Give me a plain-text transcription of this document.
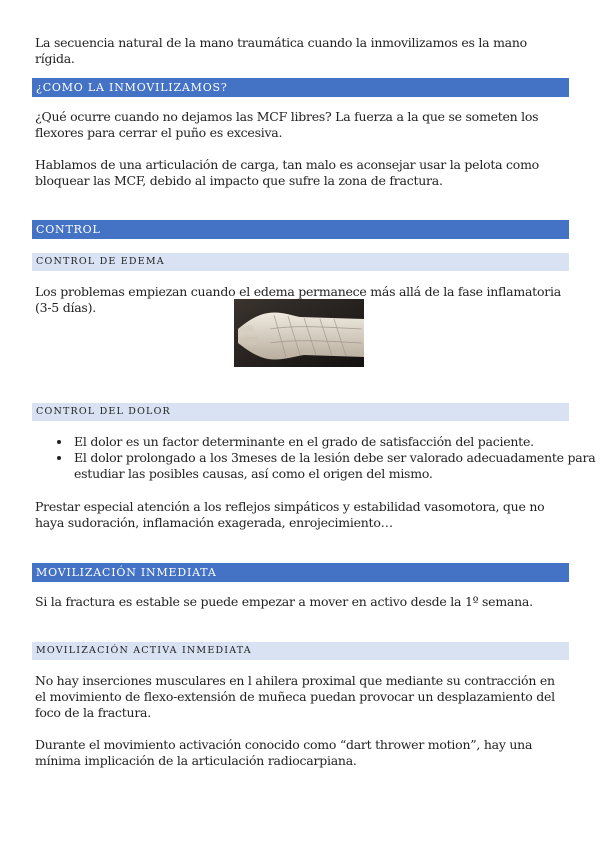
La secuencia natural de la mano traumática cuando la inmovilizamos es la mano rígida.

¿COMO LA INMOVILIZAMOS?

¿Qué ocurre cuando no dejamos las MCF libres? La fuerza a la que se someten los flexores para cerrar el puño es excesiva.

Hablamos de una articulación de carga, tan malo es aconsejar usar la pelota como bloquear las MCF, debido al impacto que sufre la zona de fractura.

CONTROL
CONTROL DE EDEMA

Los problemas empiezan cuando el edema permanece más allá de la fase inflamatoria (3-5 días).

CONTROL DEL DOLOR
• El dolor es un factor determinante en el grado de satisfacción del paciente.
• El dolor prolongado a los 3meses de la lesión debe ser valorado adecuadamente para estudiar las posibles causas, así como el origen del mismo.

Prestar especial atención a los reflejos simpáticos y estabilidad vasomotora, que no haya sudoración, inflamación exagerada, enrojecimiento…

MOVILIZACIÓN INMEDIATA

Si la fractura es estable se puede empezar a mover en activo desde la 1º semana.

MOVILIZACIÓN ACTIVA INMEDIATA

No hay inserciones musculares en l ahilera proximal que mediante su contracción en el movimiento de flexo-extensión de muñeca puedan provocar un desplazamiento del foco de la fractura.

Durante el movimiento activación conocido como “dart thrower motion”, hay una mínima implicación de la articulación radiocarpiana.
